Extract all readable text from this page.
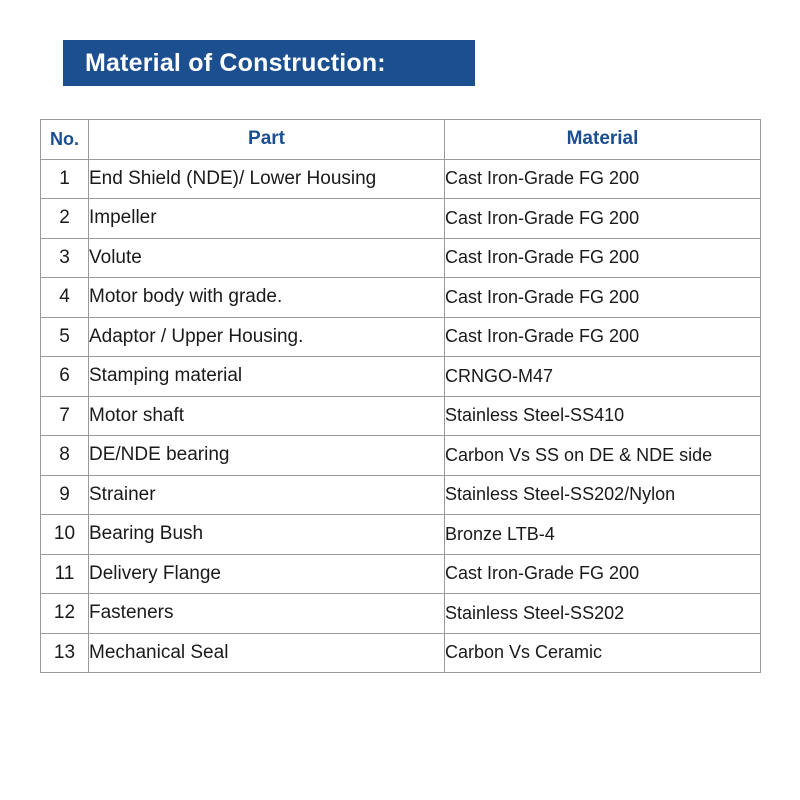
Material of Construction:
No.	Part	Material
1	End Shield (NDE)/ Lower Housing	Cast Iron-Grade FG 200
2	Impeller	Cast Iron-Grade FG 200
3	Volute	Cast Iron-Grade FG 200
4	Motor body with grade.	Cast Iron-Grade FG 200
5	Adaptor / Upper Housing.	Cast Iron-Grade FG 200
6	Stamping material	CRNGO-M47
7	Motor shaft	Stainless Steel-SS410
8	DE/NDE bearing	Carbon Vs SS on DE & NDE side
9	Strainer	Stainless Steel-SS202/Nylon
10	Bearing Bush	Bronze LTB-4
11	Delivery Flange	Cast Iron-Grade FG 200
12	Fasteners	Stainless Steel-SS202
13	Mechanical Seal	Carbon Vs Ceramic
